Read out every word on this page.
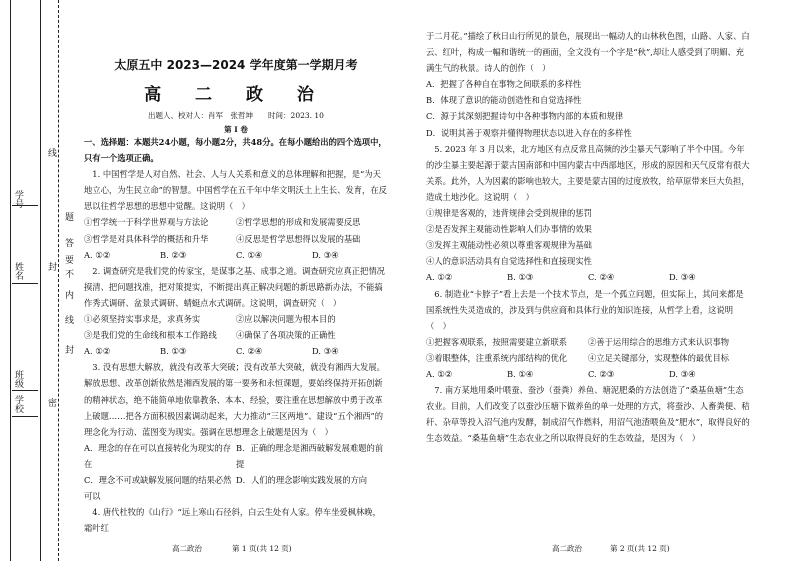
学号
姓名
班级
学校
线
题
答
要
不
内
封
线
封
密
太原五中 2023—2024 学年度第一学期月考
高 二 政 治
出题人、校对人：肖军　张哲坤　　时间：2023. 10
第 I 卷

一、选择题：本题共24小题，每小题2分，共48分。在每小题给出的四个选项中，只有一个选项正确。

1. 中国哲学是人对自然、社会、人与人关系和意义的总体理解和把握，是“为天地立心，为生民立命”的智慧。中国哲学在五千年中华文明沃土上生长、发育，在反思以往哲学思想的思想中觉醒。这说明（　）

①哲学统一于科学世界观与方法论	②哲学思想的形成和发展需要反思
③哲学是对具体科学的概括和升华	④反思是哲学思想得以发展的基础
A. ①②	B. ②③	C. ①④	D. ③④

2. 调查研究是我们党的传家宝，是谋事之基、成事之道。调查研究应真正把情况摸清、把问题找准，把对策提实，不断提出真正解决问题的新思路新办法，不能搞作秀式调研、盆景式调研、蜻蜓点水式调研。这说明，调查研究（　）

①必须坚持实事求是，求真务实	②应以解决问题为根本目的
③是我们党的生命线和根本工作路线	④确保了各项决策的正确性
A. ①②	B. ①③	C. ②④	D. ③④

3. 没有思想大解放，就没有改革大突破；没有改革大突破，就没有湘西大发展。解放思想、改革创新依然是湘西发展的第一要务和永恒课题，要始终保持开拓创新的精神状态，绝不能简单地依靠教条、本本、经验，要注重在思想解放中勇于改革上破题……把各方面积极因素调动起来，大力推动“三区两地”、建设“五个湘西”的理念化为行动、蓝图变为现实。强调在思想理念上破题是因为（　）

A．理念的存在可以直接转化为现实的存在
B．正确的理念是湘西破解发展难题的前提
C．理念不可或缺解发展问题的结果必然可以
D．人们的理念影响实践发展的方向

4. 唐代杜牧的《山行》“远上寒山石径斜，白云生处有人家。停车坐爱枫林晚，霜叶红

于二月花。”描绘了秋日山行所见的景色，展现出一幅动人的山林秋色图，山路、人家、白云、红叶，构成一幅和谐统一的画面，全文没有一个字是“秋”,却让人感受到了明媚、充满生气的秋景。诗人的创作（　）

A．把握了各种自在事物之间联系的多样性

B．体现了意识的能动创造性和自觉选择性

C．源于其深刻把握诗句中各种事物内部的本质和规律

D．说明其善于观察并懂得物理状态以进入存在的多样性

5. 2023 年 3 月以来，北方地区有点反常且高频的沙尘暴天气影响了半个中国。今年的沙尘暴主要起源于蒙古国南部和中国内蒙古中西部地区，形成的原因和天气反常有很大关系。此外，人为因素的影响也较大，主要是蒙古国的过度放牧，给草原带来巨大负担，造成土地沙化。这说明（　）

①规律是客观的，违背规律会受到规律的惩罚

②是否发挥主观能动性影响人们办事情的效果

③发挥主观能动性必须以尊重客观规律为基础

④人的意识活动具有自觉选择性和直接现实性

A. ①②	B. ①③	C. ②④	D. ③④

6. 制造业“卡脖子”看上去是一个技术节点，是一个孤立问题，但实际上，其问来都是国系统性失灵造成的，涉及到与供应商和具体行业的知识连接，从哲学上看，这说明（　）

①把握客观联系，按照需要建立新联系	②善于运用综合的思维方式来认识事物
③着眼整体，注重系统内部结构的优化	④立足关键部分，实现整体的最优目标
A. ①②	B. ①④	C. ②③	D. ③④

7. 南方某地用桑叶喂蚕、蚕沙（蚕粪）养鱼、塘泥肥桑的方法创造了“桑基鱼塘”生态农业。目前，人们改变了以蚕沙压塘下做养鱼的单一处理的方式，将蚕沙、人畜粪便、秸秆、杂草等投入沼气池内发酵，制成沼气作燃料，用沼气池渣喂鱼及“肥水”，取得良好的生态效益。“桑基鱼塘”生态农业之所以取得良好的生态效益，是因为（　）

高二政治	第 1 页(共 12 页)	高二政治	第 2 页(共 12 页)
